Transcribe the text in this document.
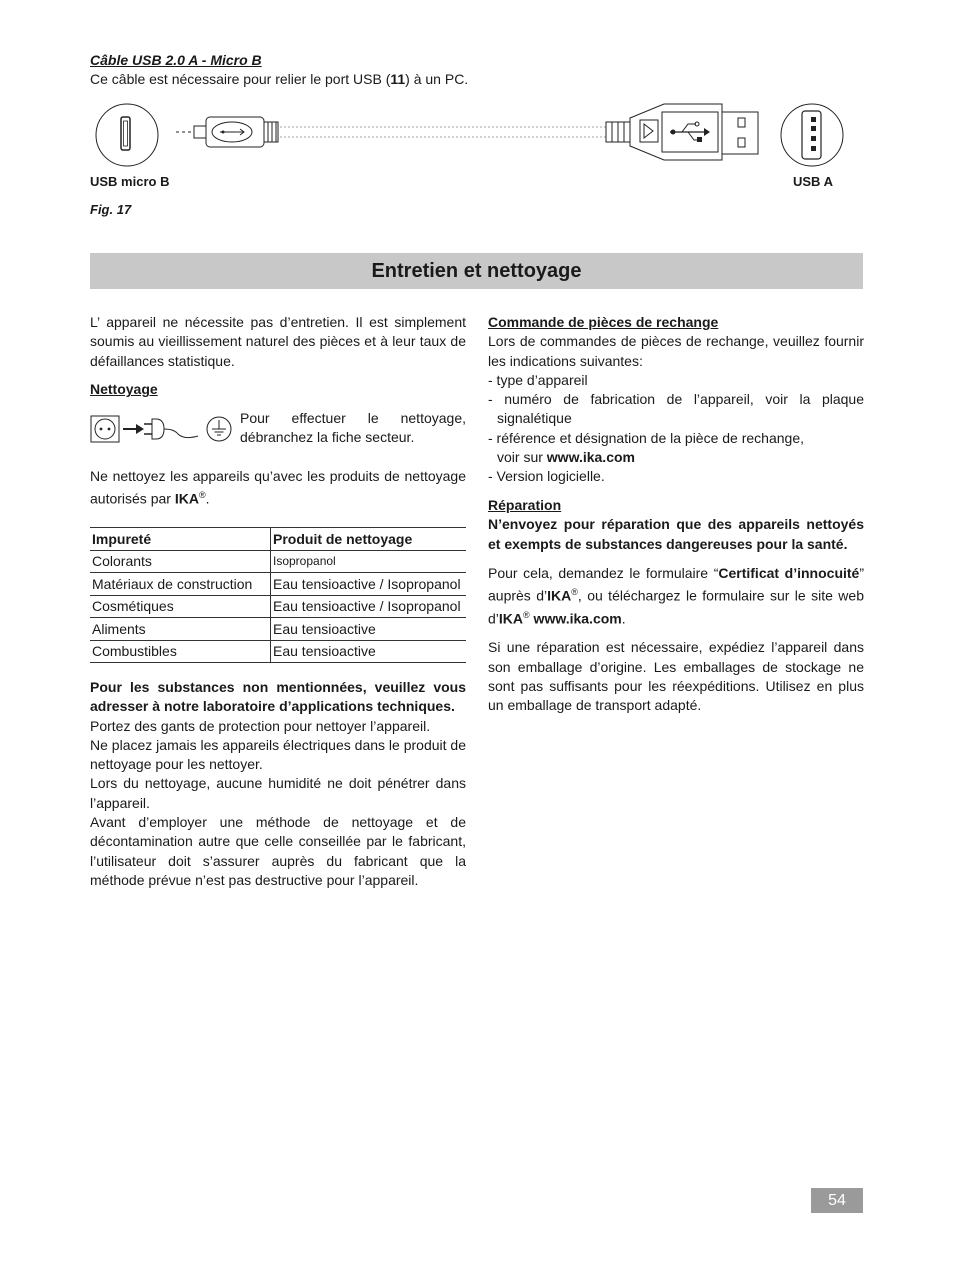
Câble USB 2.0 A - Micro B
Ce câble est nécessaire pour relier le port USB (11) à un PC.
USB micro B	USB A
Fig. 17
Entretien et nettoyage

L’ appareil ne nécessite pas d’entretien. Il est simplement soumis au vieillissement naturel des pièces et à leur taux de défaillances statistique.

Nettoyage

Pour effectuer le nettoyage, débranchez la fiche secteur.
Ne nettoyez les appareils qu’avec les produits de nettoyage autorisés par IKA®.
Impureté	Produit de nettoyage
Colorants	Isopropanol
Matériaux de construction	Eau tensioactive / Isopropanol
Cosmétiques	Eau tensioactive / Isopropanol
Aliments	Eau tensioactive
Combustibles	Eau tensioactive

Pour les substances non mentionnées, veuillez vous adresser à notre laboratoire d’applications techniques.

Portez des gants de protection pour nettoyer l’appareil.

Ne placez jamais les appareils électriques dans le produit de nettoyage pour les nettoyer.

Lors du nettoyage, aucune humidité ne doit pénétrer dans l’appareil.

Avant d’employer une méthode de nettoyage et de décontamination autre que celle conseillée par le fabricant, l’utilisateur doit s’assurer auprès du fabricant que la méthode prévue n’est pas destructive pour l’appareil.

Commande de pièces de rechange

Lors de commandes de pièces de rechange, veuillez fournir les indications suivantes:

- type d’appareil

- numéro de fabrication de l’appareil, voir la plaque signalétique

- référence et désignation de la pièce de rechange,

voir sur www.ika.com

- Version logicielle.

Réparation

N’envoyez pour réparation que des appareils nettoyés et exempts de substances dangereuses pour la santé.

Pour cela, demandez le formulaire “Certificat d’innocuité” auprès d’IKA®, ou téléchargez le formulaire sur le site web d’IKA® www.ika.com.

Si une réparation est nécessaire, expédiez l’appareil dans son emballage d’origine. Les emballages de stockage ne sont pas suffisants pour les réexpéditions. Utilisez en plus un emballage de transport adapté.

54
